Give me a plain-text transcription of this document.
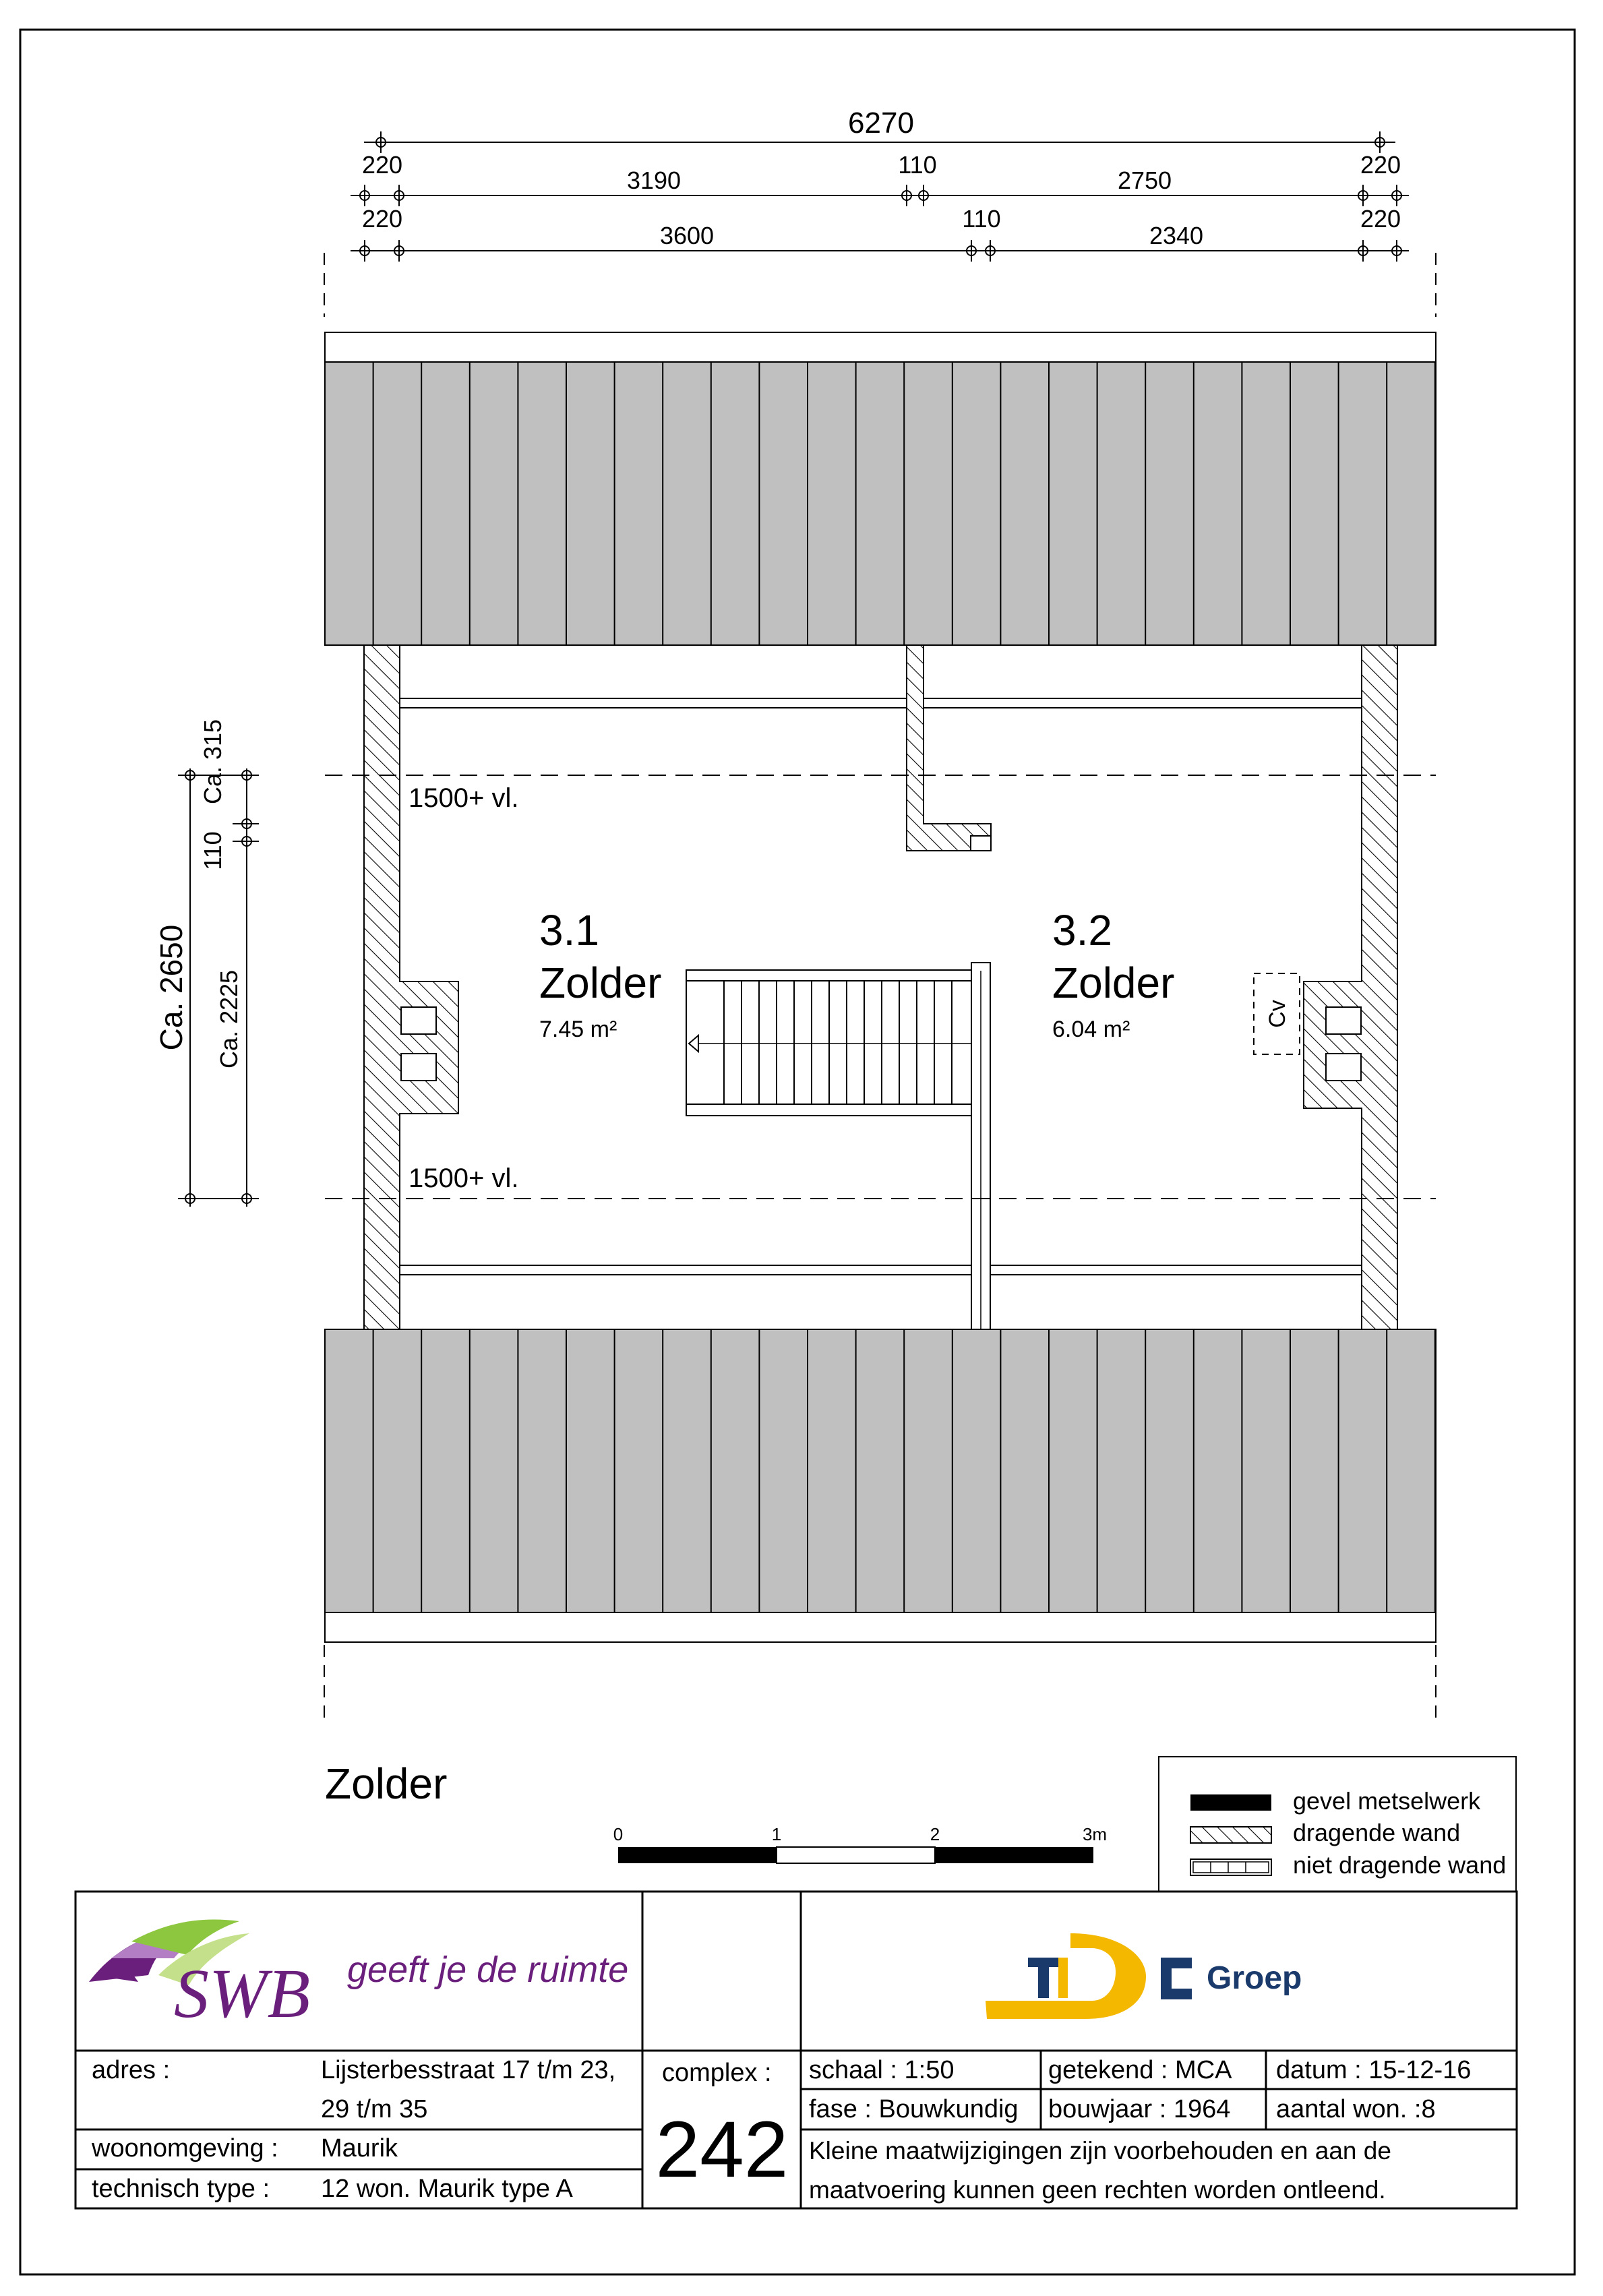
6270
220
3190
110
2750
220
220
3600
110
2340
220
Ca. 2650
Ca. 315
110
Ca. 2225
1500+ vl.
1500+ vl.
Cv
3.1
Zolder
7.45 m²
3.2
Zolder
6.04 m²
Zolder
0	1	2	3m
gevel metselwerk
dragende wand
niet dragende wand
SWB geeft je de ruimte	Groep
adres :	Lijsterbesstraat 17 t/m 23,
29 t/m 35
woonomgeving : Maurik
technisch type : 12 won. Maurik type A
complex :
242
schaal : 1:50	getekend : MCA datum : 15-12-16
fase : Bouwkundig bouwjaar : 1964 aantal won. :8
Kleine maatwijzigingen zijn voorbehouden en aan de
maatvoering kunnen geen rechten worden ontleend.
